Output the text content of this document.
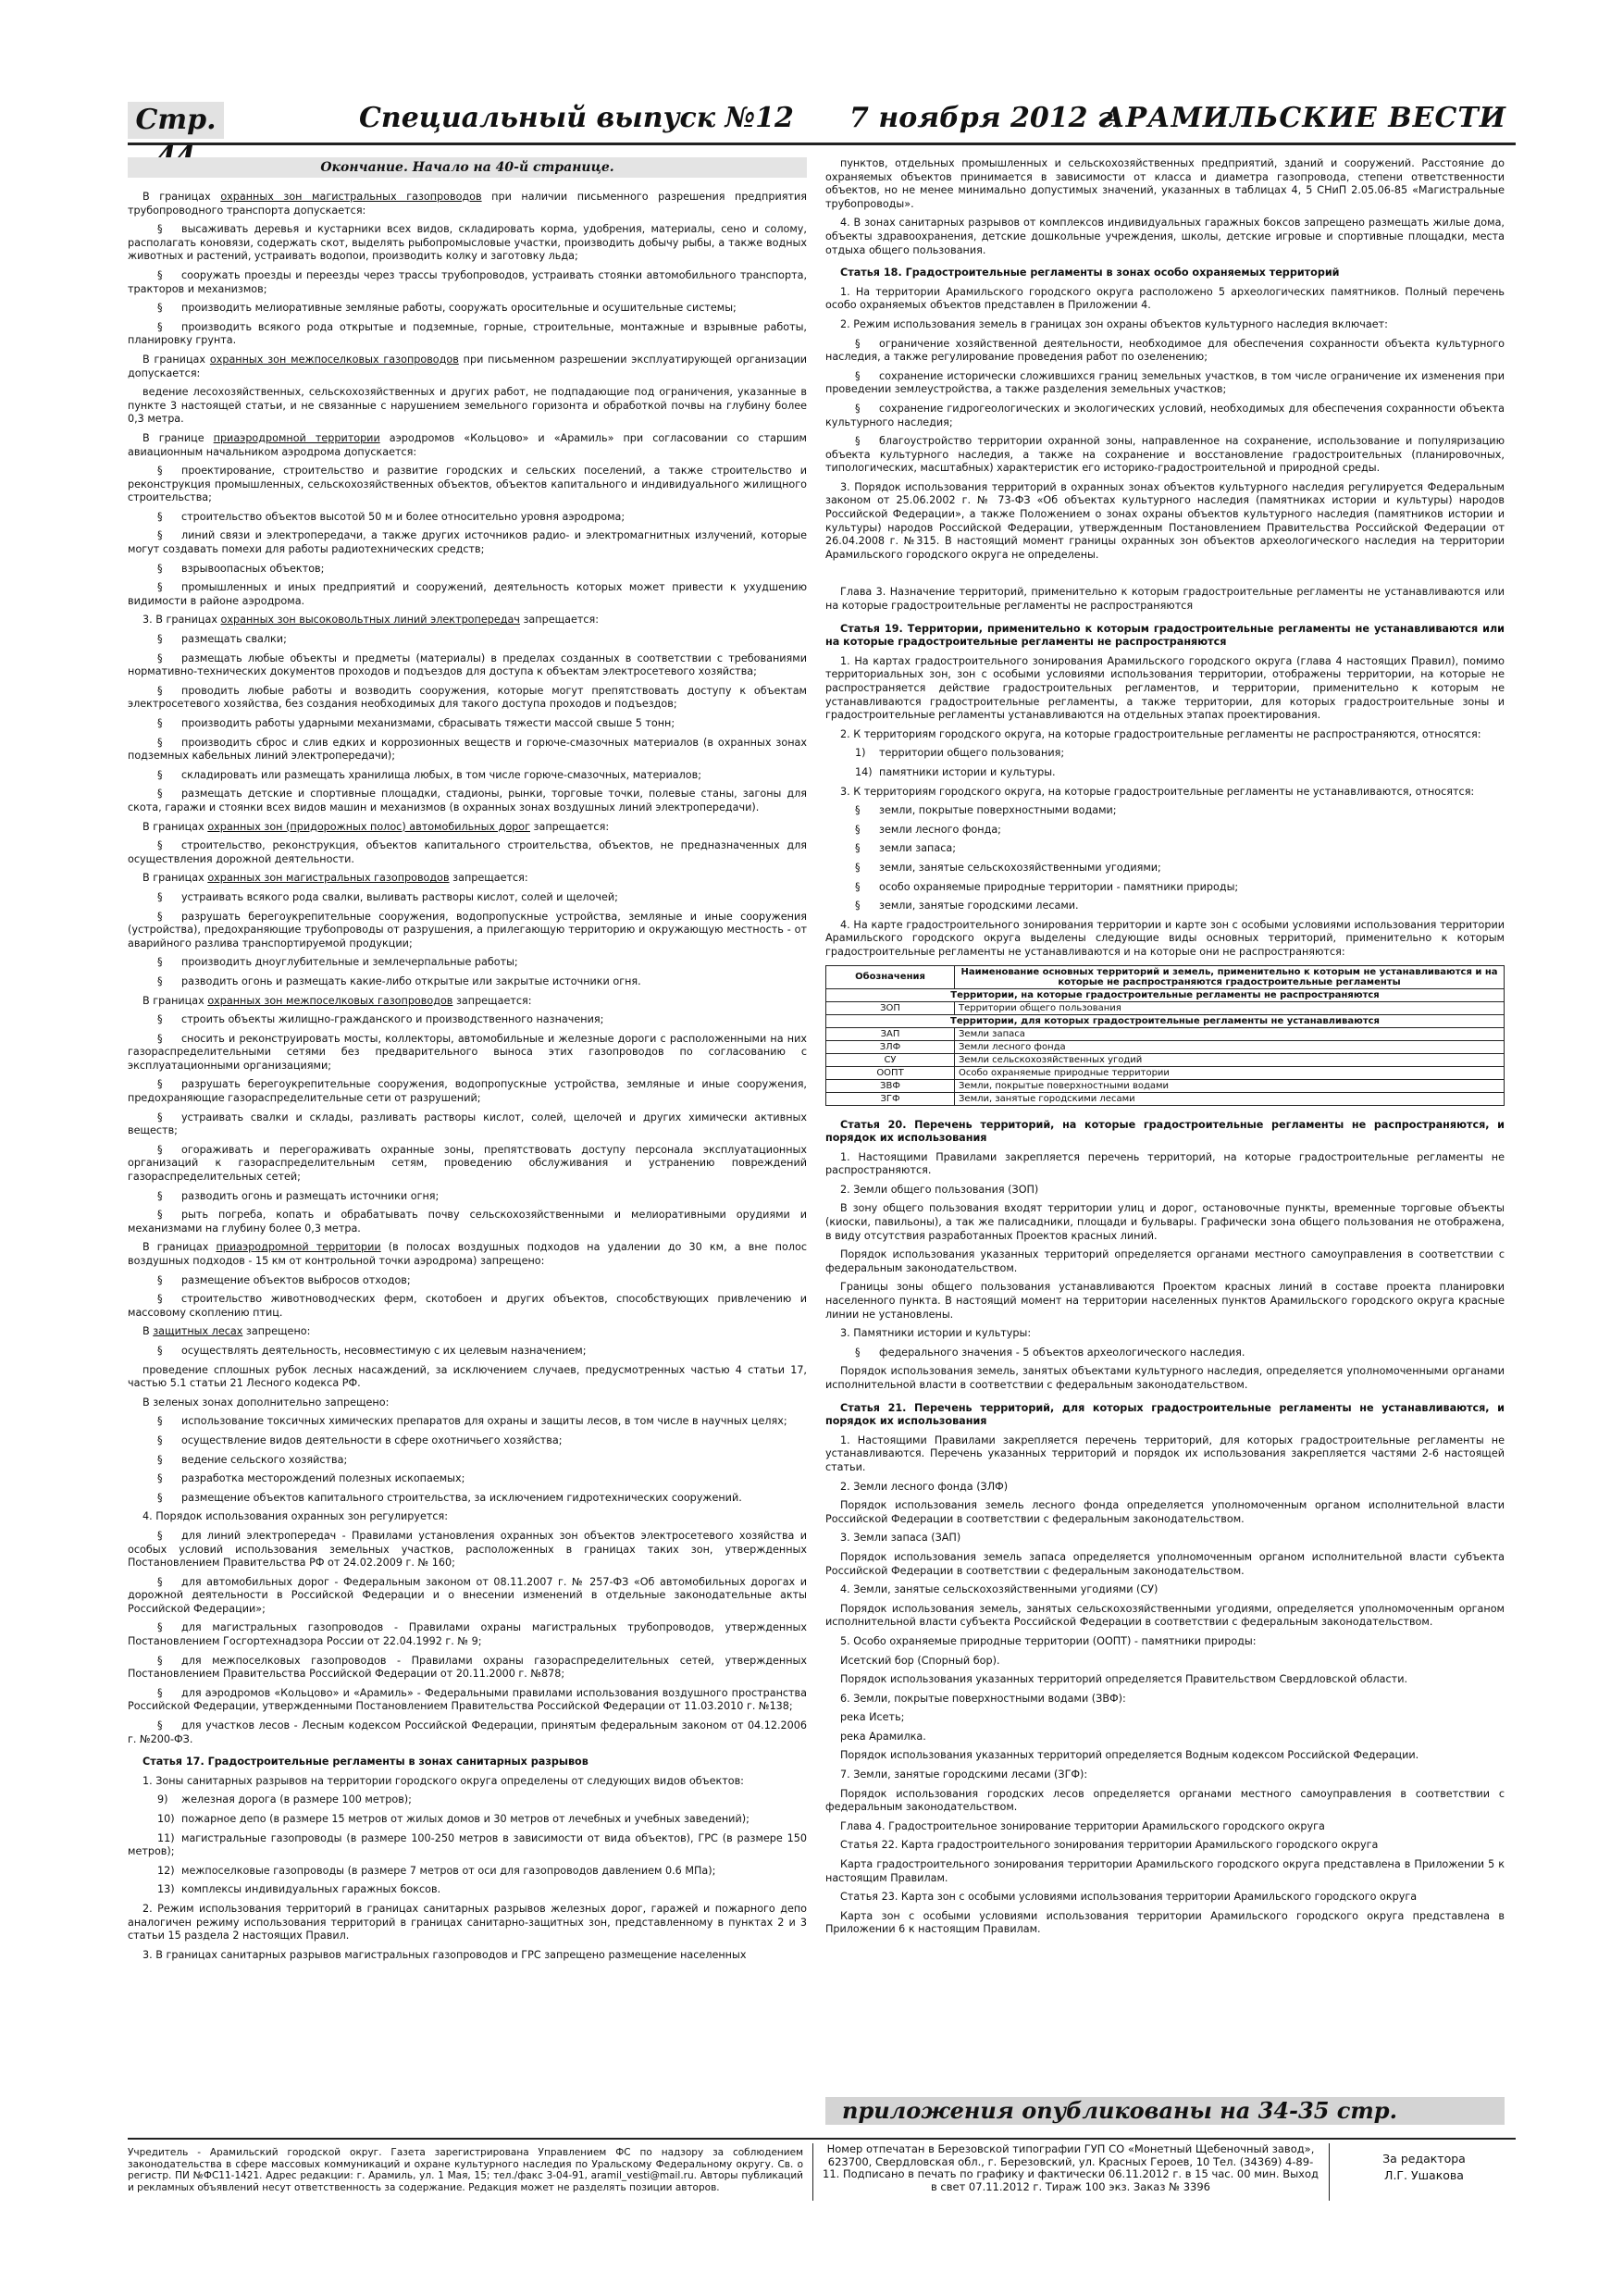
Стр.	Специальный выпуск №12 7 ноября 2012 г.
АРАМИЛЬСКИЕ ВЕСТИ
Окончание. Начало на 40-й странице.

В границах охранных зон магистральных газопроводов при наличии письменного разрешения предприятия трубопроводного транспорта допускается:

§ высаживать деревья и кустарники всех видов, складировать корма, удобрения, материалы, сено и солому, располагать коновязи, содержать скот, выделять рыбопромысловые участки, производить добычу рыбы, а также водных животных и растений, устраивать водопои, производить колку и заготовку льда;

§ сооружать проезды и переезды через трассы трубопроводов, устраивать стоянки автомобильного транспорта, тракторов и механизмов;

§ производить мелиоративные земляные работы, сооружать оросительные и осушительные системы;

§ производить всякого рода открытые и подземные, горные, строительные, монтажные и взрывные работы, планировку грунта.

В границах охранных зон межпоселковых газопроводов при письменном разрешении эксплуатирующей организации допускается:

ведение лесохозяйственных, сельскохозяйственных и других работ, не подпадающие под ограничения, указанные в пункте 3 настоящей статьи, и не связанные с нарушением земельного горизонта и обработкой почвы на глубину более 0,3 метра.

В границе приаэродромной территории аэродромов «Кольцово» и «Арамиль» при согласовании со старшим авиационным начальником аэродрома допускается:

§ проектирование, строительство и развитие городских и сельских поселений, а также строительство и реконструкция промышленных, сельскохозяйственных объектов, объектов капитального и индивидуального жилищного строительства;

§ строительство объектов высотой 50 м и более относительно уровня аэродрома;

§ линий связи и электропередачи, а также других источников радио- и электромагнитных излучений, которые могут создавать помехи для работы радиотехнических средств;

§ взрывоопасных объектов;

§ промышленных и иных предприятий и сооружений, деятельность которых может привести к ухудшению видимости в районе аэродрома.

3. В границах охранных зон высоковольтных линий электропередач запрещается:

§ размещать свалки;

§ размещать любые объекты и предметы (материалы) в пределах созданных в соответствии с требованиями нормативно-технических документов проходов и подъездов для доступа к объектам электросетевого хозяйства;

§ проводить любые работы и возводить сооружения, которые могут препятствовать доступу к объектам электросетевого хозяйства, без создания необходимых для такого доступа проходов и подъездов;

§ производить работы ударными механизмами, сбрасывать тяжести массой свыше 5 тонн;

§ производить сброс и слив едких и коррозионных веществ и горюче-смазочных материалов (в охранных зонах подземных кабельных линий электропередачи);

§ складировать или размещать хранилища любых, в том числе горюче-смазочных, материалов;

§ размещать детские и спортивные площадки, стадионы, рынки, торговые точки, полевые станы, загоны для скота, гаражи и стоянки всех видов машин и механизмов (в охранных зонах воздушных линий электропередачи).

В границах охранных зон (придорожных полос) автомобильных дорог запрещается:

§ строительство, реконструкция, объектов капитального строительства, объектов, не предназначенных для осуществления дорожной деятельности.

В границах охранных зон магистральных газопроводов запрещается:

§ устраивать всякого рода свалки, выливать растворы кислот, солей и щелочей;

§ разрушать берегоукрепительные сооружения, водопропускные устройства, земляные и иные сооружения (устройства), предохраняющие трубопроводы от разрушения, а прилегающую территорию и окружающую местность - от аварийного разлива транспортируемой продукции;

§ производить дноуглубительные и землечерпальные работы;

§ разводить огонь и размещать какие-либо открытые или закрытые источники огня.

В границах охранных зон межпоселковых газопроводов запрещается:

§ строить объекты жилищно-гражданского и производственного назначения;

§ сносить и реконструировать мосты, коллекторы, автомобильные и железные дороги с расположенными на них газораспределительными сетями без предварительного выноса этих газопроводов по согласованию с эксплуатационными организациями;

§ разрушать берегоукрепительные сооружения, водопропускные устройства, земляные и иные сооружения, предохраняющие газораспределительные сети от разрушений;

§ устраивать свалки и склады, разливать растворы кислот, солей, щелочей и других химически активных веществ;

§ огораживать и перегораживать охранные зоны, препятствовать доступу персонала эксплуатационных организаций к газораспределительным сетям, проведению обслуживания и устранению повреждений газораспределительных сетей;

§ разводить огонь и размещать источники огня;

§ рыть погреба, копать и обрабатывать почву сельскохозяйственными и мелиоративными орудиями и механизмами на глубину более 0,3 метра.

В границах приаэродромной территории (в полосах воздушных подходов на удалении до 30 км, а вне полос воздушных подходов - 15 км от контрольной точки аэродрома) запрещено:

§ размещение объектов выбросов отходов;

§ строительство животноводческих ферм, скотобоен и других объектов, способствующих привлечению и массовому скоплению птиц.

В защитных лесах запрещено:

§ осуществлять деятельность, несовместимую с их целевым назначением;

проведение сплошных рубок лесных насаждений, за исключением случаев, предусмотренных частью 4 статьи 17, частью 5.1 статьи 21 Лесного кодекса РФ.

В зеленых зонах дополнительно запрещено:

§ использование токсичных химических препаратов для охраны и защиты лесов, в том числе в научных целях;

§ осуществление видов деятельности в сфере охотничьего хозяйства;

§ ведение сельского хозяйства;

§ разработка месторождений полезных ископаемых;

§ размещение объектов капитального строительства, за исключением гидротехнических сооружений.

4. Порядок использования охранных зон регулируется:

§ для линий электропередач - Правилами установления охранных зон объектов электросетевого хозяйства и особых условий использования земельных участков, расположенных в границах таких зон, утвержденных Постановлением Правительства РФ от 24.02.2009 г. № 160;

§ для автомобильных дорог - Федеральным законом от 08.11.2007 г. № 257-ФЗ «Об автомобильных дорогах и дорожной деятельности в Российской Федерации и о внесении изменений в отдельные законодательные акты Российской Федерации»;

§ для магистральных газопроводов - Правилами охраны магистральных трубопроводов, утвержденных Постановлением Госгортехнадзора России от 22.04.1992 г. № 9;

§ для межпоселковых газопроводов - Правилами охраны газораспределительных сетей, утвержденных Постановлением Правительства Российской Федерации от 20.11.2000 г. №878;

§ для аэродромов «Кольцово» и «Арамиль» - Федеральными правилами использования воздушного пространства Российской Федерации, утвержденными Постановлением Правительства Российской Федерации от 11.03.2010 г. №138;

§ для участков лесов - Лесным кодексом Российской Федерации, принятым федеральным законом от 04.12.2006 г. №200-ФЗ.

Статья 17. Градостроительные регламенты в зонах санитарных разрывов

1. Зоны санитарных разрывов на территории городского округа определены от следующих видов объектов:

9) железная дорога (в размере 100 метров);

10) пожарное депо (в размере 15 метров от жилых домов и 30 метров от лечебных и учебных заведений);

11) магистральные газопроводы (в размере 100-250 метров в зависимости от вида объектов), ГРС (в размере 150 метров);

12) межпоселковые газопроводы (в размере 7 метров от оси для газопроводов давлением 0.6 МПа);

13) комплексы индивидуальных гаражных боксов.

2. Режим использования территорий в границах санитарных разрывов железных дорог, гаражей и пожарного депо аналогичен режиму использования территорий в границах санитарно-защитных зон, представленному в пунктах 2 и 3 статьи 15 раздела 2 настоящих Правил.

3. В границах санитарных разрывов магистральных газопроводов и ГРС запрещено размещение населенных

пунктов, отдельных промышленных и сельскохозяйственных предприятий, зданий и сооружений. Расстояние до охраняемых объектов принимается в зависимости от класса и диаметра газопровода, степени ответственности объектов, но не менее минимально допустимых значений, указанных в таблицах 4, 5 СНиП 2.05.06-85 «Магистральные трубопроводы».

4. В зонах санитарных разрывов от комплексов индивидуальных гаражных боксов запрещено размещать жилые дома, объекты здравоохранения, детские дошкольные учреждения, школы, детские игровые и спортивные площадки, места отдыха общего пользования.

Статья 18. Градостроительные регламенты в зонах особо охраняемых территорий

1. На территории Арамильского городского округа расположено 5 археологических памятников. Полный перечень особо охраняемых объектов представлен в Приложении 4.

2. Режим использования земель в границах зон охраны объектов культурного наследия включает:

§ ограничение хозяйственной деятельности, необходимое для обеспечения сохранности объекта культурного наследия, а также регулирование проведения работ по озеленению;

§ сохранение исторически сложившихся границ земельных участков, в том числе ограничение их изменения при проведении землеустройства, а также разделения земельных участков;

§ сохранение гидрогеологических и экологических условий, необходимых для обеспечения сохранности объекта культурного наследия;

§ благоустройство территории охранной зоны, направленное на сохранение, использование и популяризацию объекта культурного наследия, а также на сохранение и восстановление градостроительных (планировочных, типологических, масштабных) характеристик его историко-градостроительной и природной среды.

3. Порядок использования территорий в охранных зонах объектов культурного наследия регулируется Федеральным законом от 25.06.2002 г. № 73-ФЗ «Об объектах культурного наследия (памятниках истории и культуры) народов Российской Федерации», а также Положением о зонах охраны объектов культурного наследия (памятников истории и культуры) народов Российской Федерации, утвержденным Постановлением Правительства Российской Федерации от 26.04.2008 г. №315. В настоящий момент границы охранных зон объектов археологического наследия на территории Арамильского городского округа не определены.

Глава 3. Назначение территорий, применительно к которым градостроительные регламенты не устанавливаются или на которые градостроительные регламенты не распространяются

Статья 19. Территории, применительно к которым градостроительные регламенты не устанавливаются или на которые градостроительные регламенты не распространяются

1. На картах градостроительного зонирования Арамильского городского округа (глава 4 настоящих Правил), помимо территориальных зон, зон с особыми условиями использования территории, отображены территории, на которые не распространяется действие градостроительных регламентов, и территории, применительно к которым не устанавливаются градостроительные регламенты, а также территории, для которых градостроительные зоны и градостроительные регламенты устанавливаются на отдельных этапах проектирования.

2. К территориям городского округа, на которые градостроительные регламенты не распространяются, относятся:

1) территории общего пользования;

14) памятники истории и культуры.

3. К территориям городского округа, на которые градостроительные регламенты не устанавливаются, относятся:

§ земли, покрытые поверхностными водами;

§ земли лесного фонда;

§ земли запаса;

§ земли, занятые сельскохозяйственными угодиями;

§ особо охраняемые природные территории - памятники природы;

§ земли, занятые городскими лесами.

4. На карте градостроительного зонирования территории и карте зон с особыми условиями использования территории Арамильского городского округа выделены следующие виды основных территорий, применительно к которым градостроительные регламенты не устанавливаются и на которые они не распространяются:

Обозначения	Наименование основных территорий и земель, применительно к которым не устанавливаются и на которые не распространяются градостроительные регламенты
Территории, на которые градостроительные регламенты не распространяются	
ЗОП	Территории общего пользования
Территории, для которых градостроительные регламенты не устанавливаются	
ЗАП	Земли запаса
ЗЛФ	Земли лесного фонда
СУ	Земли сельскохозяйственных угодий
ООПТ	Особо охраняемые природные территории
ЗВФ	Земли, покрытые поверхностными водами
ЗГФ	Земли, занятые городскими лесами

Статья 20. Перечень территорий, на которые градостроительные регламенты не распространяются, и порядок их использования

1. Настоящими Правилами закрепляется перечень территорий, на которые градостроительные регламенты не распространяются.

2. Земли общего пользования (ЗОП)

В зону общего пользования входят территории улиц и дорог, остановочные пункты, временные торговые объекты (киоски, павильоны), а так же палисадники, площади и бульвары. Графически зона общего пользования не отображена, в виду отсутствия разработанных Проектов красных линий.

Порядок использования указанных территорий определяется органами местного самоуправления в соответствии с федеральным законодательством.

Границы зоны общего пользования устанавливаются Проектом красных линий в составе проекта планировки населенного пункта. В настоящий момент на территории населенных пунктов Арамильского городского округа красные линии не установлены.

3. Памятники истории и культуры:

§ федерального значения - 5 объектов археологического наследия.

Порядок использования земель, занятых объектами культурного наследия, определяется уполномоченными органами исполнительной власти в соответствии с федеральным законодательством.

Статья 21. Перечень территорий, для которых градостроительные регламенты не устанавливаются, и порядок их использования

1. Настоящими Правилами закрепляется перечень территорий, для которых градостроительные регламенты не устанавливаются. Перечень указанных территорий и порядок их использования закрепляется частями 2-6 настоящей статьи.

2. Земли лесного фонда (ЗЛФ)

Порядок использования земель лесного фонда определяется уполномоченным органом исполнительной власти Российской Федерации в соответствии с федеральным законодательством.

3. Земли запаса (ЗАП)

Порядок использования земель запаса определяется уполномоченным органом исполнительной власти субъекта Российской Федерации в соответствии с федеральным законодательством.

4. Земли, занятые сельскохозяйственными угодиями (СУ)

Порядок использования земель, занятых сельскохозяйственными угодиями, определяется уполномоченным органом исполнительной власти субъекта Российской Федерации в соответствии с федеральным законодательством.

5. Особо охраняемые природные территории (ООПТ) - памятники природы:

Исетский бор (Спорный бор).

Порядок использования указанных территорий определяется Правительством Свердловской области.

6. Земли, покрытые поверхностными водами (ЗВФ):

река Исеть;

река Арамилка.

Порядок использования указанных территорий определяется Водным кодексом Российской Федерации.

7. Земли, занятые городскими лесами (ЗГФ):

Порядок использования городских лесов определяется органами местного самоуправления в соответствии с федеральным законодательством.

Глава 4. Градостроительное зонирование территории Арамильского городского округа

Статья 22. Карта градостроительного зонирования территории Арамильского городского округа

Карта градостроительного зонирования территории Арамильского городского округа представлена в Приложении 5 к настоящим Правилам.

Статья 23. Карта зон с особыми условиями использования территории Арамильского городского округа

Карта зон с особыми условиями использования территории Арамильского городского округа представлена в Приложении 6 к настоящим Правилам.

приложения опубликованы на 34-35 стр.
Учредитель - Арамильский городской округ. Газета зарегистрирована Управлением ФС по надзору за соблюдением законодательства в сфере массовых коммуникаций и охране культурного наследия по Уральскому Федеральному округу. Св. о регистр. ПИ №ФС11-1421. Адрес редакции: г. Арамиль, ул. 1 Мая, 15; тел./факс 3-04-91, aramil_vesti@mail.ru. Авторы публикаций и рекламных объявлений несут ответственность за содержание. Редакция может не разделять позиции авторов.
Номер отпечатан в Березовской типографии ГУП СО «Монетный Щебеночный завод», 623700, Свердловская обл., г. Березовский, ул. Красных Героев, 10 Тел. (34369) 4-89-11. Подписано в печать по графику и фактически 06.11.2012 г. в 15 час. 00 мин. Выход в свет 07.11.2012 г. Тираж 100 экз. Заказ № 3396
За редактора
Л.Г. Ушакова
